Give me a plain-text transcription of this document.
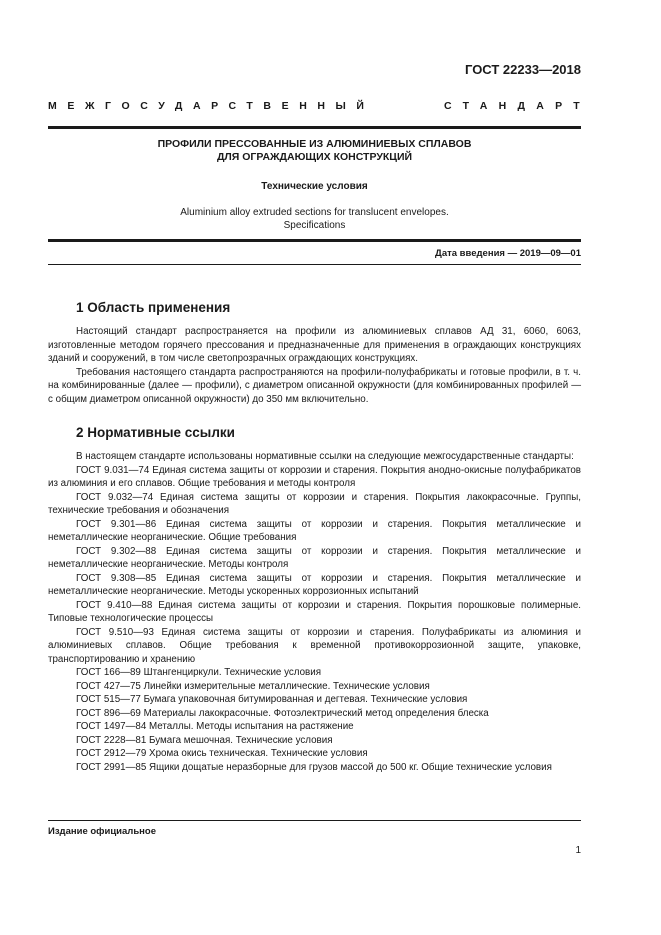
ГОСТ 22233—2018
МЕЖГОСУДАРСТВЕННЫЙ	СТАНДАРТ
ПРОФИЛИ ПРЕССОВАННЫЕ ИЗ АЛЮМИНИЕВЫХ СПЛАВОВ
ДЛЯ ОГРАЖДАЮЩИХ КОНСТРУКЦИЙ
Технические условия
Aluminium alloy extruded sections for translucent envelopes.
Specifications
Дата введения — 2019—09—01
1 Область применения

Настоящий стандарт распространяется на профили из алюминиевых сплавов АД 31, 6060, 6063, изготовленные методом горячего прессования и предназначенные для применения в ограждающих конструкциях зданий и сооружений, в том числе светопрозрачных ограждающих конструкциях.

Требования настоящего стандарта распространяются на профили-полуфабрикаты и готовые профили, в т. ч. на комбинированные (далее — профили), с диаметром описанной окружности (для комбинированных профилей — с общим диаметром описанной окружности) до 350 мм включительно.

2 Нормативные ссылки

В настоящем стандарте использованы нормативные ссылки на следующие межгосударственные стандарты:

ГОСТ 9.031—74 Единая система защиты от коррозии и старения. Покрытия анодно-окисные полуфабрикатов из алюминия и его сплавов. Общие требования и методы контроля

ГОСТ 9.032—74 Единая система защиты от коррозии и старения. Покрытия лакокрасочные. Группы, технические требования и обозначения

ГОСТ 9.301—86 Единая система защиты от коррозии и старения. Покрытия металлические и неметаллические неорганические. Общие требования

ГОСТ 9.302—88 Единая система защиты от коррозии и старения. Покрытия металлические и неметаллические неорганические. Методы контроля

ГОСТ 9.308—85 Единая система защиты от коррозии и старения. Покрытия металлические и неметаллические неорганические. Методы ускоренных коррозионных испытаний

ГОСТ 9.410—88 Единая система защиты от коррозии и старения. Покрытия порошковые полимерные. Типовые технологические процессы

ГОСТ 9.510—93 Единая система защиты от коррозии и старения. Полуфабрикаты из алюминия и алюминиевых сплавов. Общие требования к временной противокоррозионной защите, упаковке, транспортированию и хранению

ГОСТ 166—89 Штангенциркули. Технические условия

ГОСТ 427—75 Линейки измерительные металлические. Технические условия

ГОСТ 515—77 Бумага упаковочная битумированная и дегтевая. Технические условия

ГОСТ 896—69 Материалы лакокрасочные. Фотоэлектрический метод определения блеска

ГОСТ 1497—84 Металлы. Методы испытания на растяжение

ГОСТ 2228—81 Бумага мешочная. Технические условия

ГОСТ 2912—79 Хрома окись техническая. Технические условия

ГОСТ 2991—85 Ящики дощатые неразборные для грузов массой до 500 кг. Общие технические условия

Издание официальное
1
